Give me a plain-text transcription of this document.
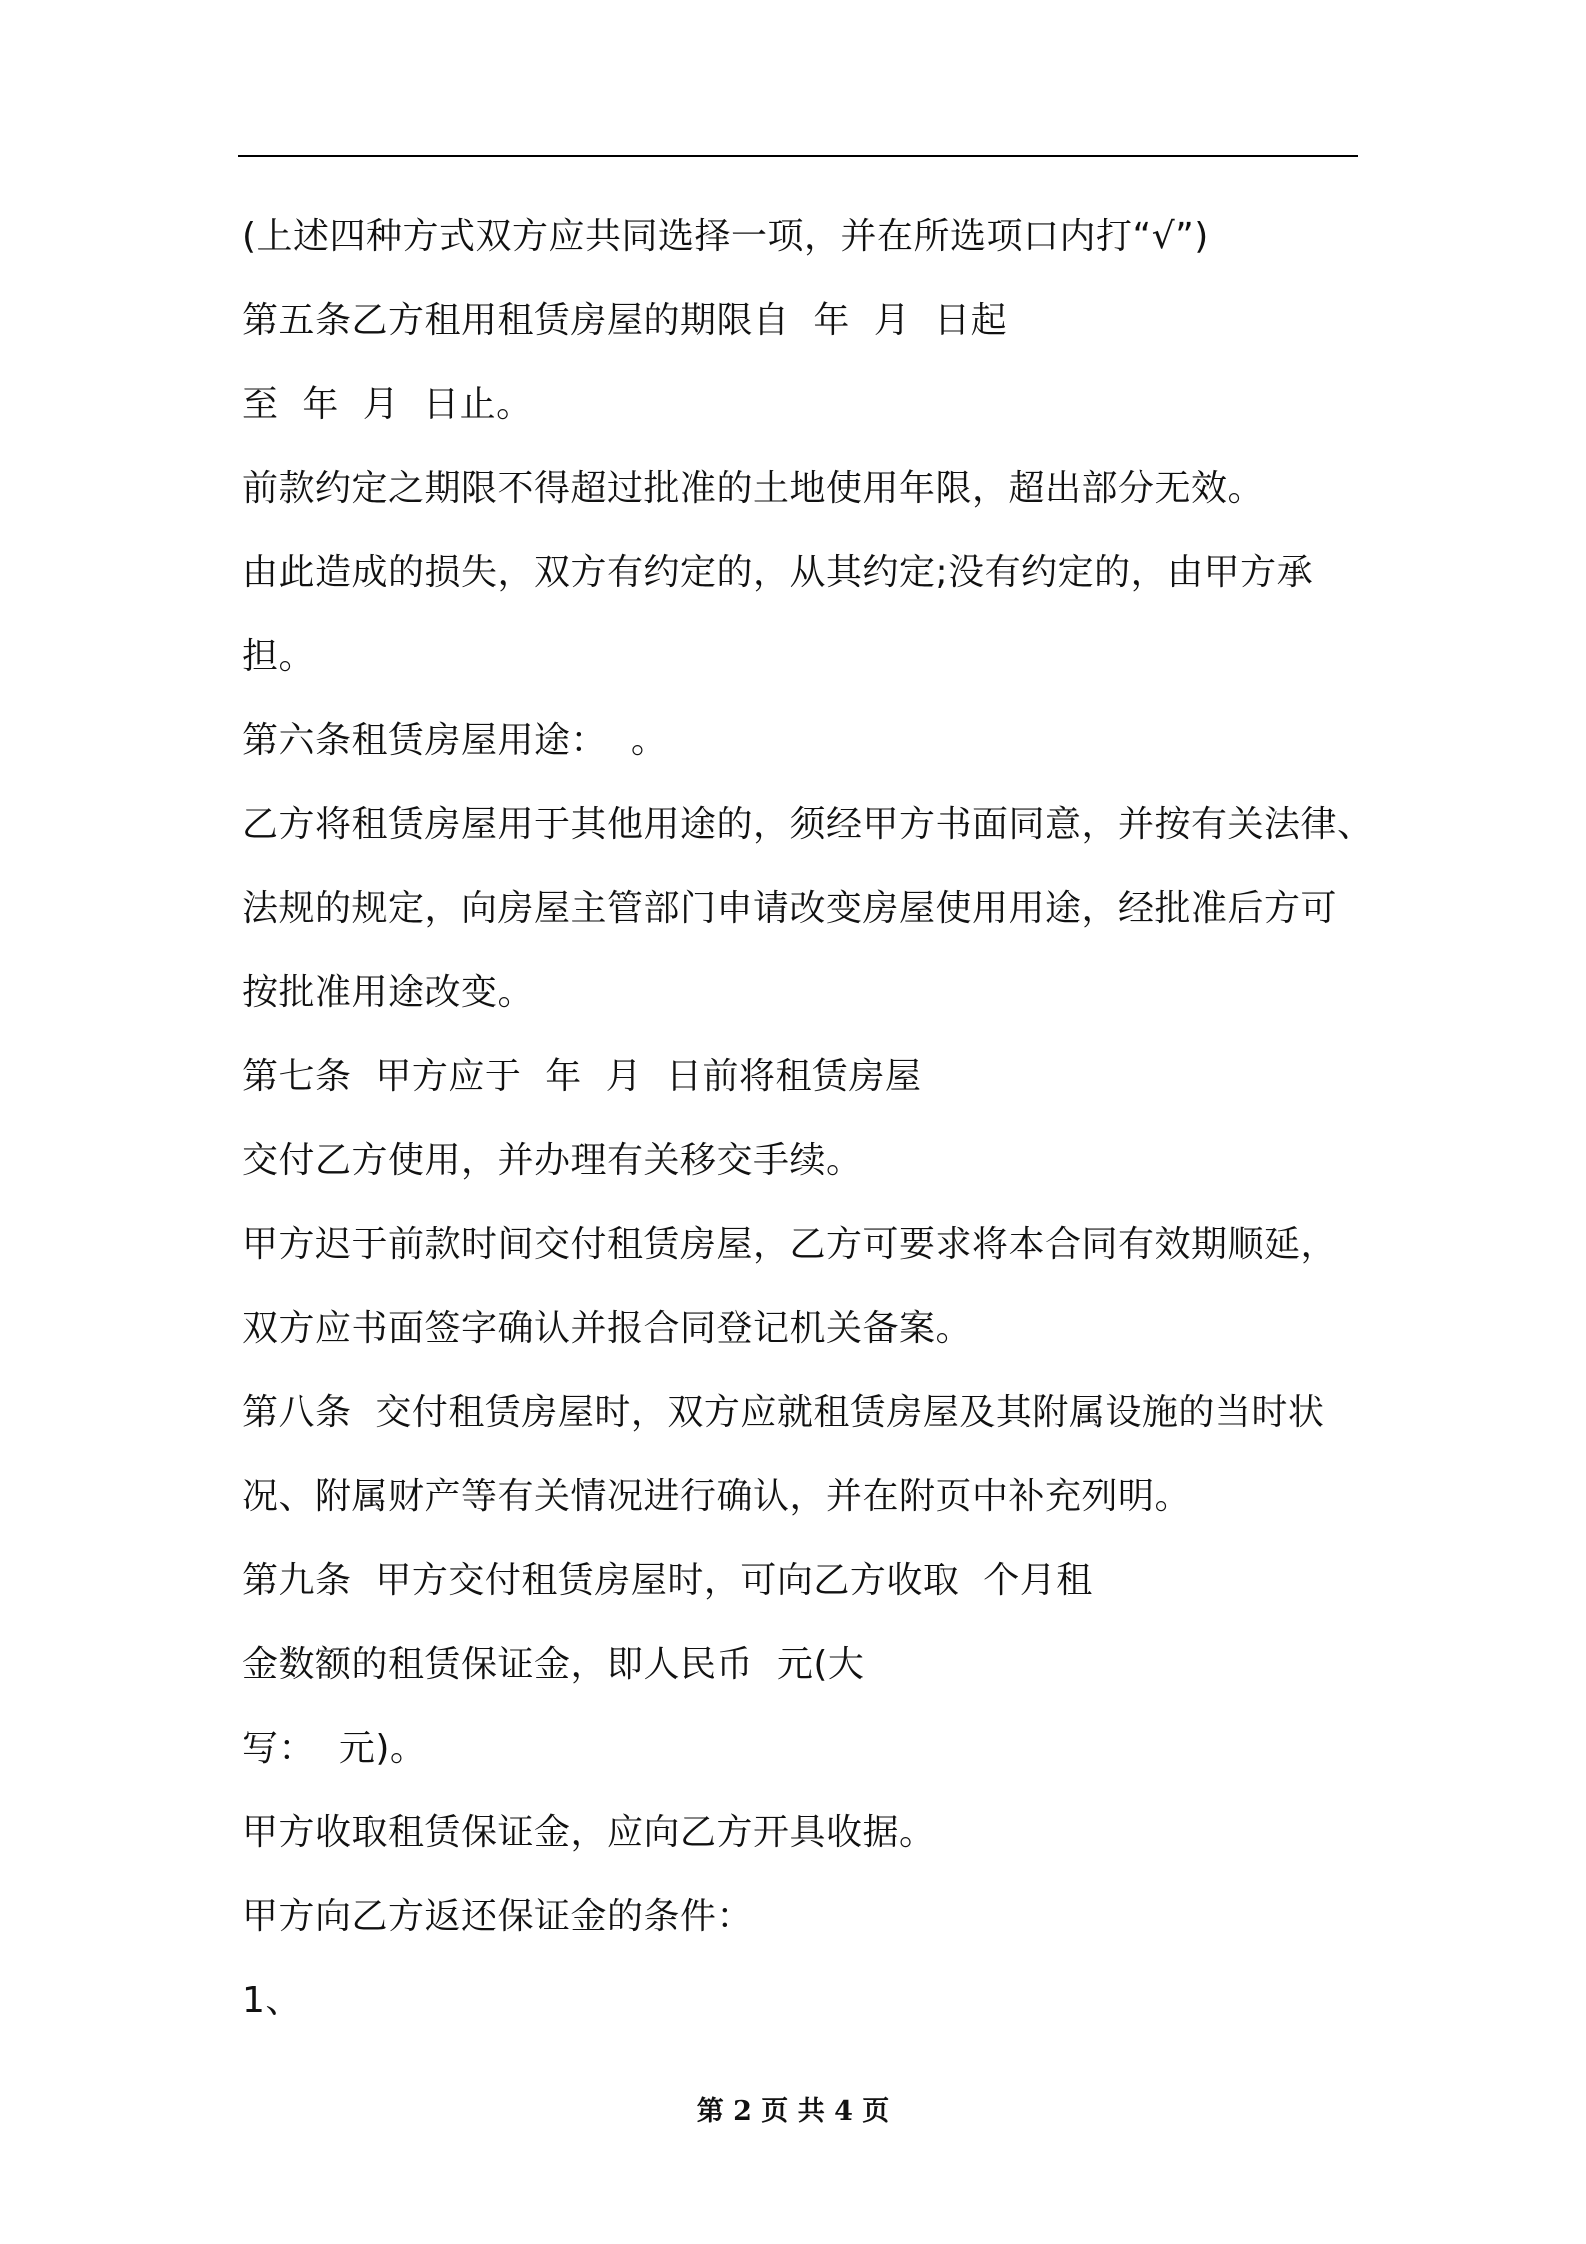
(上述四种方式双方应共同选择一项，并在所选项口内打“√”)
第五条乙方租用租赁房屋的期限自  年  月  日起
至  年  月  日止。
前款约定之期限不得超过批准的土地使用年限，超出部分无效。
由此造成的损失，双方有约定的，从其约定;没有约定的，由甲方承
担。
第六条租赁房屋用途：  。
乙方将租赁房屋用于其他用途的，须经甲方书面同意，并按有关法律、
法规的规定，向房屋主管部门申请改变房屋使用用途，经批准后方可
按批准用途改变。
第七条  甲方应于  年  月  日前将租赁房屋
交付乙方使用，并办理有关移交手续。
甲方迟于前款时间交付租赁房屋，乙方可要求将本合同有效期顺延，
双方应书面签字确认并报合同登记机关备案。
第八条  交付租赁房屋时，双方应就租赁房屋及其附属设施的当时状
况、附属财产等有关情况进行确认，并在附页中补充列明。
第九条  甲方交付租赁房屋时，可向乙方收取  个月租
金数额的租赁保证金，即人民币  元(大
写：  元)。
甲方收取租赁保证金，应向乙方开具收据。
甲方向乙方返还保证金的条件：
1、
第 2 页 共 4 页
